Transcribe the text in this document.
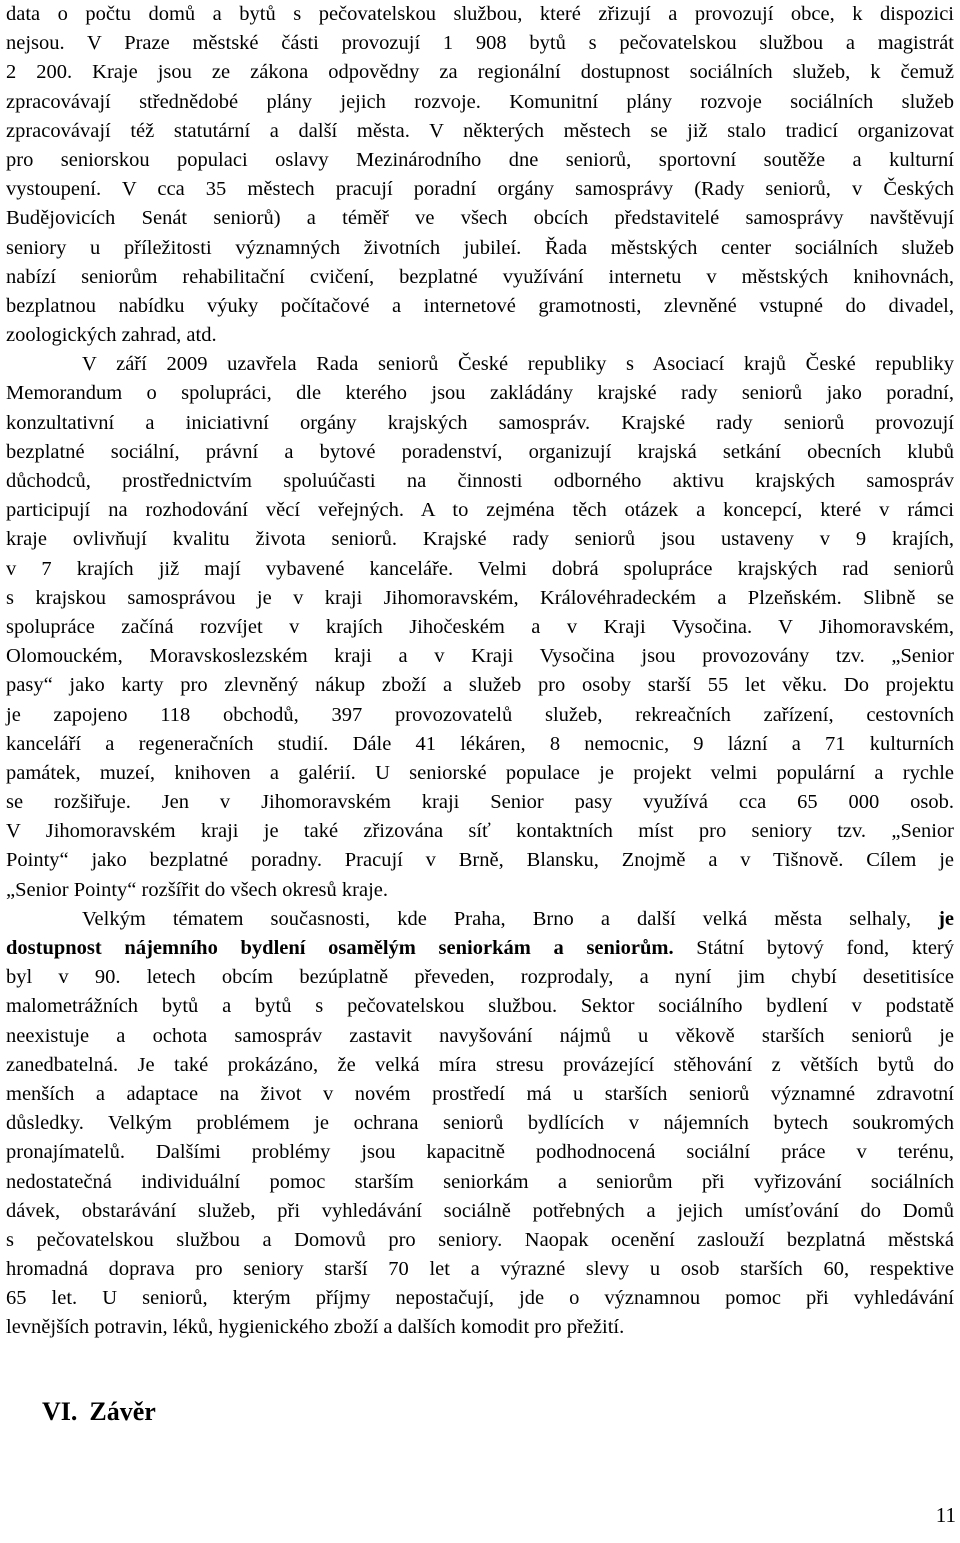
data o počtu domů a bytů s pečovatelskou službou, které zřizují a provozují obce, k dispozici
nejsou. V Praze městské části provozují 1 908 bytů s pečovatelskou službou a magistrát
2 200. Kraje jsou ze zákona odpovědny za regionální dostupnost sociálních služeb, k čemuž
zpracovávají střednědobé plány jejich rozvoje. Komunitní plány rozvoje sociálních služeb
zpracovávají též statutární a další města. V některých městech se již stalo tradicí organizovat
pro seniorskou populaci oslavy Mezinárodního dne seniorů, sportovní soutěže a kulturní
vystoupení. V cca 35 městech pracují poradní orgány samosprávy (Rady seniorů, v Českých
Budějovicích Senát seniorů) a téměř ve všech obcích představitelé samosprávy navštěvují
seniory u příležitosti významných životních jubileí. Řada městských center sociálních služeb
nabízí seniorům rehabilitační cvičení, bezplatné využívání internetu v městských knihovnách,
bezplatnou nabídku výuky počítačové a internetové gramotnosti, zlevněné vstupné do divadel,
zoologických zahrad, atd.
V září 2009 uzavřela Rada seniorů České republiky s Asociací krajů České republiky
Memorandum o spolupráci, dle kterého jsou zakládány krajské rady seniorů jako poradní,
konzultativní a iniciativní orgány krajských samospráv. Krajské rady seniorů provozují
bezplatné sociální, právní a bytové poradenství, organizují krajská setkání obecních klubů
důchodců, prostřednictvím spoluúčasti na činnosti odborného aktivu krajských samospráv
participují na rozhodování věcí veřejných. A to zejména těch otázek a koncepcí, které v rámci
kraje ovlivňují kvalitu života seniorů. Krajské rady seniorů jsou ustaveny v 9 krajích,
v 7 krajích již mají vybavené kanceláře. Velmi dobrá spolupráce krajských rad seniorů
s krajskou samosprávou je v kraji Jihomoravském, Královéhradeckém a Plzeňském. Slibně se
spolupráce začíná rozvíjet v krajích Jihočeském a v Kraji Vysočina. V Jihomoravském,
Olomouckém, Moravskoslezském kraji a v Kraji Vysočina jsou provozovány tzv. „Senior
pasy“ jako karty pro zlevněný nákup zboží a služeb pro osoby starší 55 let věku. Do projektu
je zapojeno 118 obchodů, 397 provozovatelů služeb, rekreačních zařízení, cestovních
kanceláří a regeneračních studií. Dále 41 lékáren, 8 nemocnic, 9 lázní a 71 kulturních
památek, muzeí, knihoven a galérií. U seniorské populace je projekt velmi populární a rychle
se rozšiřuje. Jen v Jihomoravském kraji Senior pasy využívá cca 65 000 osob.
V Jihomoravském kraji je také zřizována síť kontaktních míst pro seniory tzv. „Senior
Pointy“ jako bezplatné poradny. Pracují v Brně, Blansku, Znojmě a v Tišnově. Cílem je
„Senior Pointy“ rozšířit do všech okresů kraje.
Velkým tématem současnosti, kde Praha, Brno a další velká města selhaly, je
dostupnost nájemního bydlení osamělým seniorkám a seniorům. Státní bytový fond, který
byl v 90. letech obcím bezúplatně převeden, rozprodaly, a nyní jim chybí desetitisíce
malometrážních bytů a bytů s pečovatelskou službou. Sektor sociálního bydlení v podstatě
neexistuje a ochota samospráv zastavit navyšování nájmů u věkově starších seniorů je
zanedbatelná. Je také prokázáno, že velká míra stresu provázející stěhování z větších bytů do
menších a adaptace na život v novém prostředí má u starších seniorů významné zdravotní
důsledky. Velkým problémem je ochrana seniorů bydlících v nájemních bytech soukromých
pronajímatelů. Dalšími problémy jsou kapacitně podhodnocená sociální práce v terénu,
nedostatečná individuální pomoc starším seniorkám a seniorům při vyřizování sociálních
dávek, obstarávání služeb, při vyhledávání sociálně potřebných a jejich umísťování do Domů
s pečovatelskou službou a Domovů pro seniory. Naopak ocenění zaslouží bezplatná městská
hromadná doprava pro seniory starší 70 let a výrazné slevy u osob starších 60, respektive
65 let. U seniorů, kterým příjmy nepostačují, jde o významnou pomoc při vyhledávání
levnějších potravin, léků, hygienického zboží a dalších komodit pro přežití.
VI. Závěr
11
